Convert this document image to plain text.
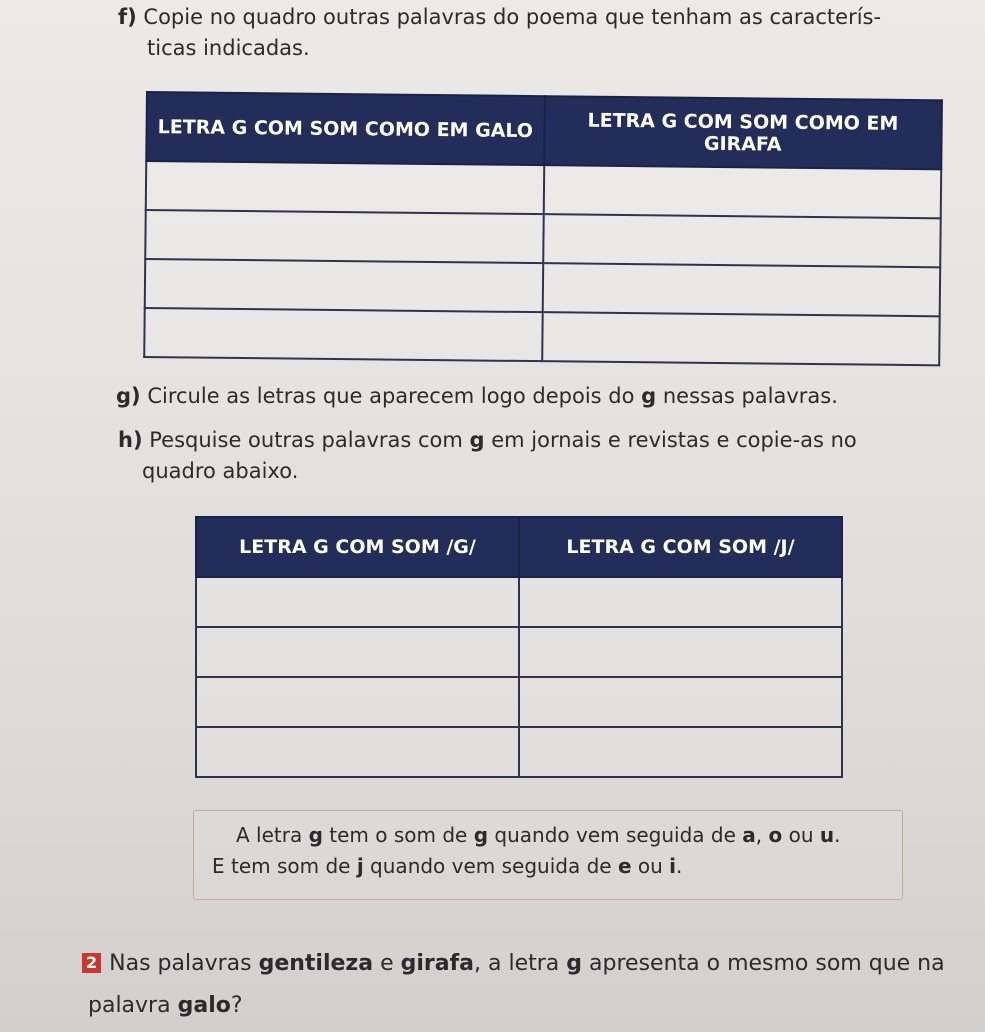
f) Copie no quadro outras palavras do poema que tenham as caracterís-
ticas indicadas.
LETRA G COM SOM COMO EM GALO	LETRA G COM SOM COMO EM GIRAFA

g) Circule as letras que aparecem logo depois do g nessas palavras.
h) Pesquise outras palavras com g em jornais e revistas e copie-as no
quadro abaixo.
LETRA G COM SOM /G/	LETRA G COM SOM /J/

A letra g tem o som de g quando vem seguida de a, o ou u.

E tem som de j quando vem seguida de e ou i.

2 Nas palavras gentileza e girafa, a letra g apresenta o mesmo som que na
palavra galo?
